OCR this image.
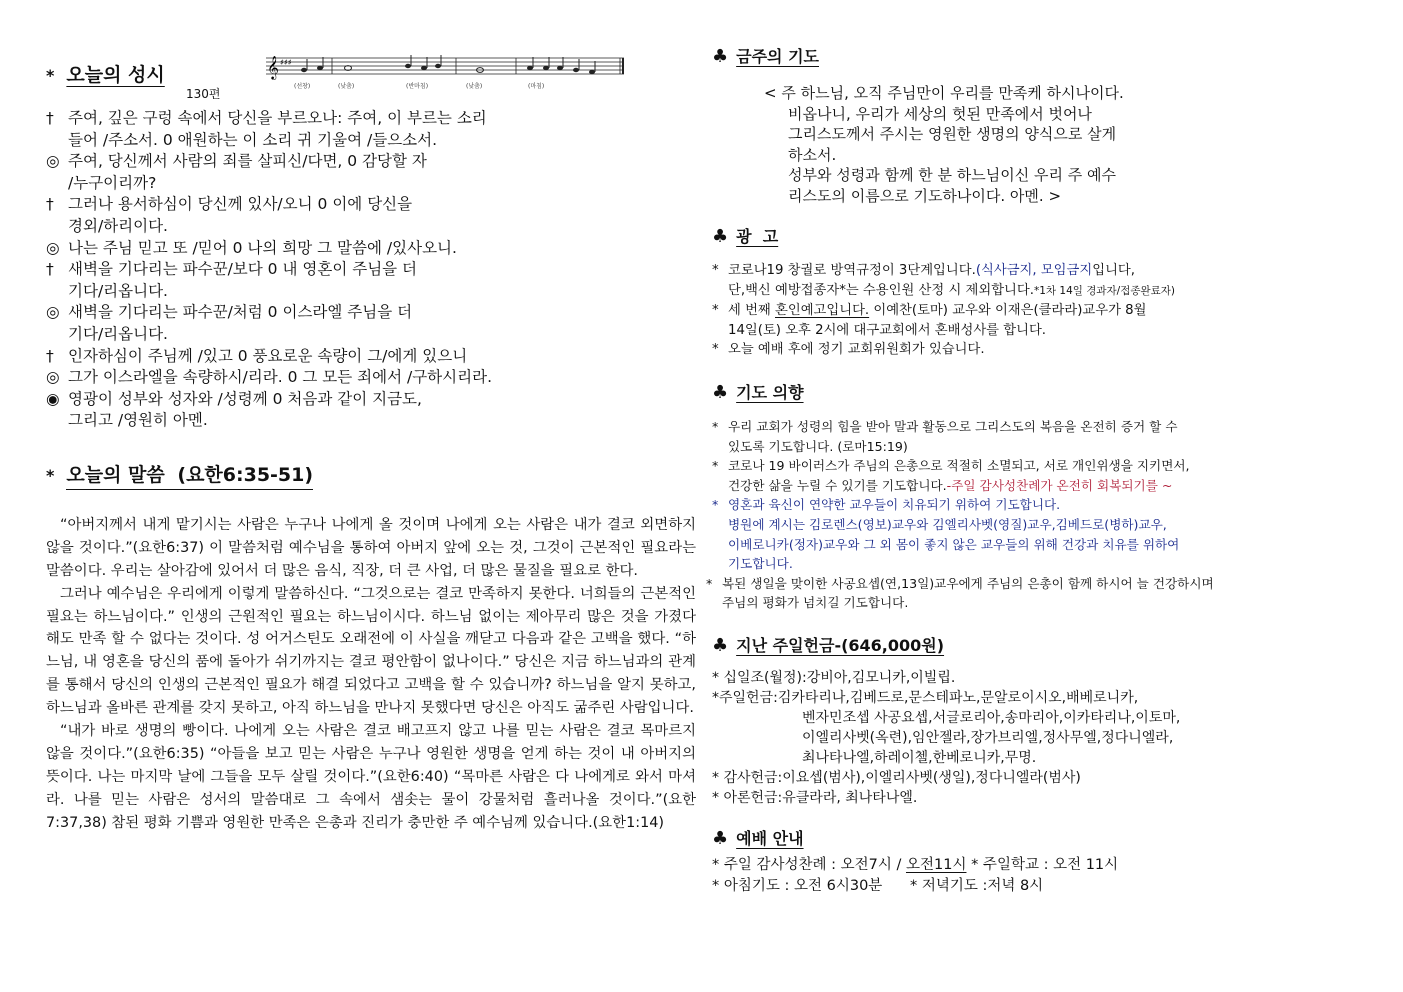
𝄞 ♯♯♯
(선창)	(낮춤)	(반마침)	(낮춤)	(마침)
* 오늘의 성시
130편
† 주여, 깊은 구렁 속에서 당신을 부르오나: 주여, 이 부르는 소리
들어 /주소서. 0 애원하는 이 소리 귀 기울여 /들으소서.
◎ 주여, 당신께서 사람의 죄를 살피신/다면, 0 감당할 자
/누구이리까?
† 그러나 용서하심이 당신께 있사/오니 0 이에 당신을
경외/하리이다.
◎ 나는 주님 믿고 또 /믿어 0 나의 희망 그 말씀에 /있사오니.
† 새벽을 기다리는 파수꾼/보다 0 내 영혼이 주님을 더
기다/리옵니다.
◎ 새벽을 기다리는 파수꾼/처럼 0 이스라엘 주님을 더
기다/리옵니다.
† 인자하심이 주님께 /있고 0 풍요로운 속량이 그/에게 있으니
◎ 그가 이스라엘을 속량하시/리라. 0 그 모든 죄에서 /구하시리라.
◉ 영광이 성부와 성자와 /성령께 0 처음과 같이 지금도,
그리고 /영원히 아멘.
* 오늘의 말씀 (요한6:35-51)

“아버지께서 내게 맡기시는 사람은 누구나 나에게 올 것이며 나에게 오는 사람은 내가 결코 외면하지 않을 것이다.”(요한6:37) 이 말씀처럼 예수님을 통하여 아버지 앞에 오는 것, 그것이 근본적인 필요라는 말씀이다. 우리는 살아감에 있어서 더 많은 음식, 직장, 더 큰 사업, 더 많은 물질을 필요로 한다.

그러나 예수님은 우리에게 이렇게 말씀하신다. “그것으로는 결코 만족하지 못한다. 너희들의 근본적인 필요는 하느님이다.” 인생의 근원적인 필요는 하느님이시다. 하느님 없이는 제아무리 많은 것을 가졌다 해도 만족 할 수 없다는 것이다. 성 어거스틴도 오래전에 이 사실을 깨닫고 다음과 같은 고백을 했다. “하느님, 내 영혼을 당신의 품에 돌아가 쉬기까지는 결코 평안함이 없나이다.” 당신은 지금 하느님과의 관계를 통해서 당신의 인생의 근본적인 필요가 해결 되었다고 고백을 할 수 있습니까? 하느님을 알지 못하고, 하느님과 올바른 관계를 갖지 못하고, 아직 하느님을 만나지 못했다면 당신은 아직도 굶주린 사람입니다.

“내가 바로 생명의 빵이다. 나에게 오는 사람은 결코 배고프지 않고 나를 믿는 사람은 결코 목마르지 않을 것이다.”(요한6:35) “아들을 보고 믿는 사람은 누구나 영원한 생명을 얻게 하는 것이 내 아버지의 뜻이다. 나는 마지막 날에 그들을 모두 살릴 것이다.”(요한6:40) “목마른 사람은 다 나에게로 와서 마셔라. 나를 믿는 사람은 성서의 말씀대로 그 속에서 샘솟는 물이 강물처럼 흘러나올 것이다.”(요한7:37,38) 참된 평화 기쁨과 영원한 만족은 은총과 진리가 충만한 주 예수님께 있습니다.(요한1:14)

♣ 금주의 기도
< 주 하느님, 오직 주님만이 우리를 만족케 하시나이다.
비옵나니, 우리가 세상의 헛된 만족에서 벗어나
그리스도께서 주시는 영원한 생명의 양식으로 살게
하소서.
성부와 성령과 함께 한 분 하느님이신 우리 주 예수
리스도의 이름으로 기도하나이다. 아멘. >
♣ 광  고
* 코로나19 창궐로 방역규정이 3단계입니다.(식사금지, 모임금지입니다,
단,백신 예방접종자*는 수용인원 산정 시 제외합니다.*1차 14일 경과자/접종완료자)
* 세 번째 혼인예고입니다. 이예찬(토마) 교우와 이재은(클라라)교우가 8월
14일(토) 오후 2시에 대구교회에서 혼배성사를 합니다.
* 오늘 예배 후에 정기 교회위원회가 있습니다.
♣ 기도 의향
* 우리 교회가 성령의 힘을 받아 말과 활동으로 그리스도의 복음을 온전히 증거 할 수
있도록 기도합니다. (로마15:19)
* 코로나 19 바이러스가 주님의 은총으로 적절히 소멸되고, 서로 개인위생을 지키면서,
건강한 삶을 누릴 수 있기를 기도합니다.-주일 감사성찬례가 온전히 회복되기를 ~
* 영혼과 육신이 연약한 교우들이 치유되기 위하여 기도합니다.
병원에 계시는 김로렌스(영보)교우와 김엘리사벳(영질)교우,김베드로(병하)교우,
이베로니카(정자)교우와 그 외 몸이 좋지 않은 교우들의 위해 건강과 치유를 위하여
기도합니다.
* 복된 생일을 맞이한 사공요셉(연,13일)교우에게 주님의 은총이 함께 하시어 늘 건강하시며
주님의 평화가 넘치길 기도합니다.
♣ 지난 주일헌금-(646,000원)
* 십일조(월정):강비아,김모니카,이빌립.
*주일헌금:김카타리나,김베드로,문스테파노,문알로이시오,배베로니카,
벤자민조셉 사공요셉,서글로리아,송마리아,이카타리나,이토마,
이엘리사벳(옥련),임안젤라,장가브리엘,정사무엘,정다니엘라,
최나타나엘,하레이첼,한베로니카,무명.
* 감사헌금:이요셉(범사),이엘리사벳(생일),정다니엘라(범사)
* 아론헌금:유클라라, 최나타나엘.
♣ 예배 안내
* 주일 감사성찬례 : 오전7시 / 오전11시 * 주일학교 : 오전 11시
* 아침기도 : 오전 6시30분      * 저녁기도 :저녁 8시
